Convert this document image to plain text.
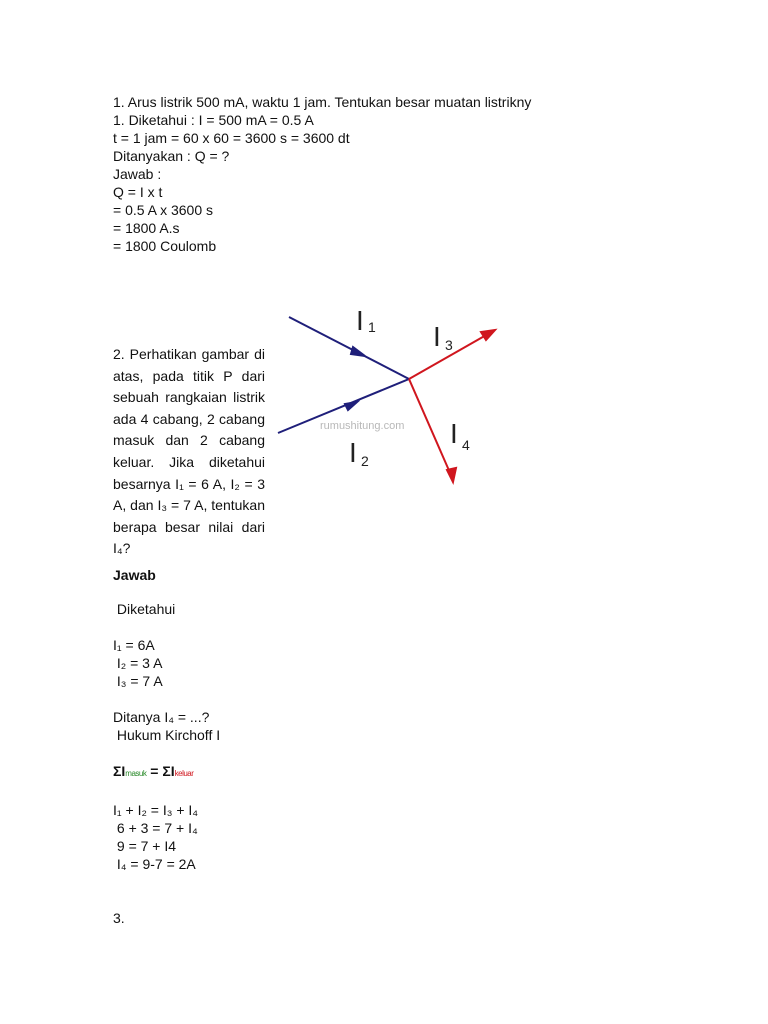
1. Arus listrik 500 mA, waktu 1 jam. Tentukan besar muatan listrikny
1. Diketahui : I = 500 mA = 0.5 A
t = 1 jam = 60 x 60 = 3600 s = 3600 dt
Ditanyakan : Q = ?
Jawab :
Q = I x t
= 0.5 A x 3600 s
= 1800 A.s
= 1800 Coulomb
I 1 I 3
I 2
I 4
rumushitung.com
2. Perhatikan gambar di atas, pada titik P dari sebuah rangkaian listrik ada 4 cabang, 2 cabang masuk dan 2 cabang keluar. Jika diketahui besarnya I₁ = 6 A, I₂ = 3 A, dan I₃ = 7 A, tentukan berapa besar nilai dari I₄?
Jawab
Diketahui
I₁ = 6A
I₂ = 3 A
I₃ = 7 A
Ditanya I₄ = ...?
Hukum Kirchoff I
ΣImasuk = ΣIkeluar
I₁ + I₂ = I₃ + I₄
6 + 3 = 7 + I₄
9 = 7 + I4
I₄ = 9-7 = 2A
3.
